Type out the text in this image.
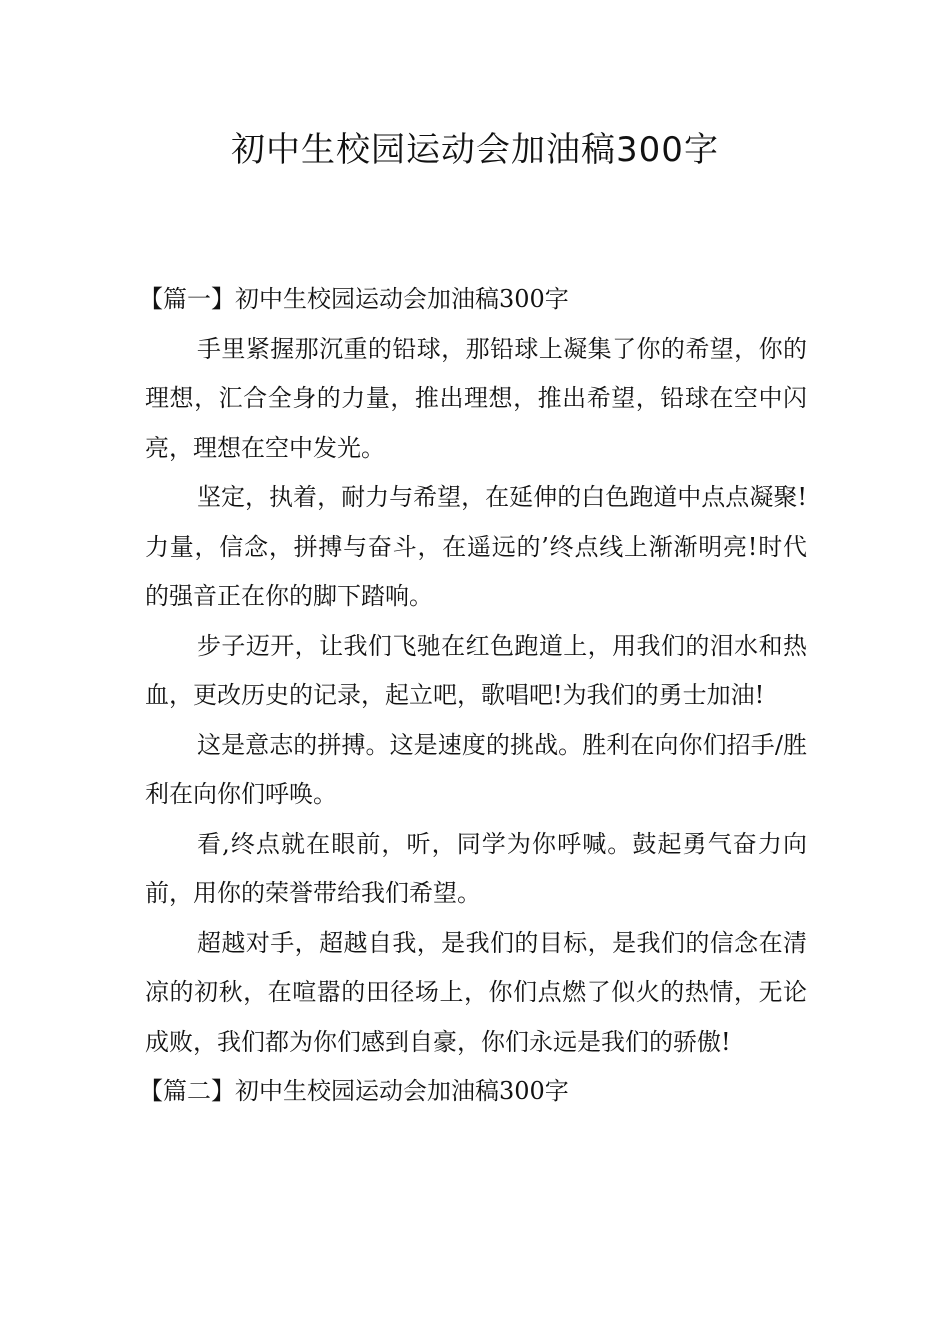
初中生校园运动会加油稿300字
【篇一】初中生校园运动会加油稿300字

手里紧握那沉重的铅球，那铅球上凝集了你的希望，你的理想，汇合全身的力量，推出理想，推出希望，铅球在空中闪亮，理想在空中发光。

坚定，执着，耐力与希望，在延伸的白色跑道中点点凝聚!力量，信念，拼搏与奋斗，在遥远的’终点线上渐渐明亮!时代的强音正在你的脚下踏响。

步子迈开，让我们飞驰在红色跑道上，用我们的泪水和热血，更改历史的记录，起立吧，歌唱吧!为我们的勇士加油!

这是意志的拼搏。这是速度的挑战。胜利在向你们招手/胜利在向你们呼唤。

看,终点就在眼前，听，同学为你呼喊。鼓起勇气奋力向前，用你的荣誉带给我们希望。

超越对手，超越自我，是我们的目标，是我们的信念在清凉的初秋，在喧嚣的田径场上，你们点燃了似火的热情，无论成败，我们都为你们感到自豪，你们永远是我们的骄傲!

【篇二】初中生校园运动会加油稿300字
